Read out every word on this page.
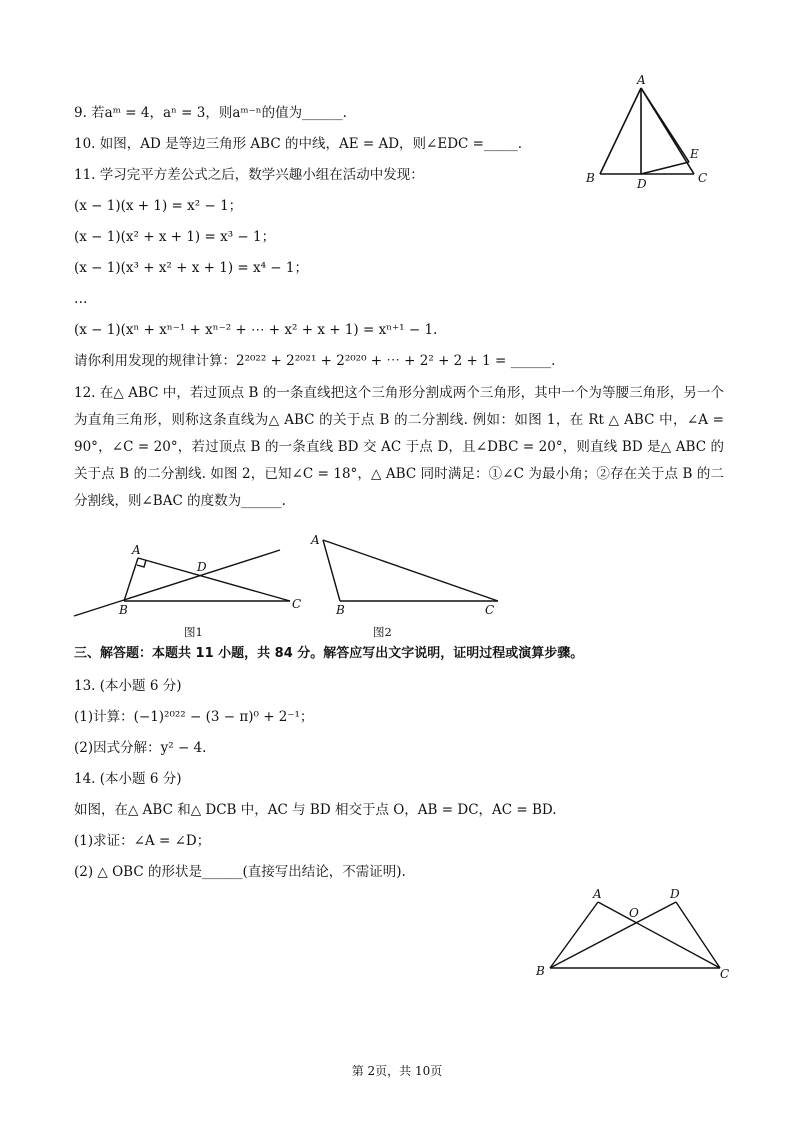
9. 若aᵐ = 4，aⁿ = 3，则aᵐ⁻ⁿ的值为______.
10. 如图，AD 是等边三角形 ABC 的中线，AE = AD，则∠EDC =_____.
11. 学习完平方差公式之后，数学兴趣小组在活动中发现：
(x − 1)(x + 1) = x² − 1；
(x − 1)(x² + x + 1) = x³ − 1；
(x − 1)(x³ + x² + x + 1) = x⁴ − 1；
…
(x − 1)(xⁿ + xⁿ⁻¹ + xⁿ⁻² + ⋯ + x² + x + 1) = xⁿ⁺¹ − 1.
请你利用发现的规律计算：2²⁰²² + 2²⁰²¹ + 2²⁰²⁰ + ⋯ + 2² + 2 + 1 = ______.
12. 在△ ABC 中，若过顶点 B 的一条直线把这个三角形分割成两个三角形，其中一个为等腰三角形，另一个为直角三角形，则称这条直线为△ ABC 的关于点 B 的二分割线. 例如：如图 1，在 Rt △ ABC 中，∠A = 90°，∠C = 20°，若过顶点 B 的一条直线 BD 交 AC 于点 D，且∠DBC = 20°，则直线 BD 是△ ABC 的关于点 B 的二分割线. 如图 2，已知∠C = 18°，△ ABC 同时满足：①∠C 为最小角；②存在关于点 B 的二分割线，则∠BAC 的度数为______.
三、解答题：本题共 11 小题，共 84 分。解答应写出文字说明，证明过程或演算步骤。
13. (本小题 6 分)
(1)计算：(−1)²⁰²² − (3 − π)⁰ + 2⁻¹；
(2)因式分解：y² − 4.
14. (本小题 6 分)
如图，在△ ABC 和△ DCB 中，AC 与 BD 相交于点 O，AB = DC，AC = BD.
(1)求证：∠A = ∠D；
(2) △ OBC 的形状是______(直接写出结论，不需证明).
A
B	C
D
E
A
B	C
D
图1
A
B	C
图2
A	D
O
B	C
第 2页，共 10页
